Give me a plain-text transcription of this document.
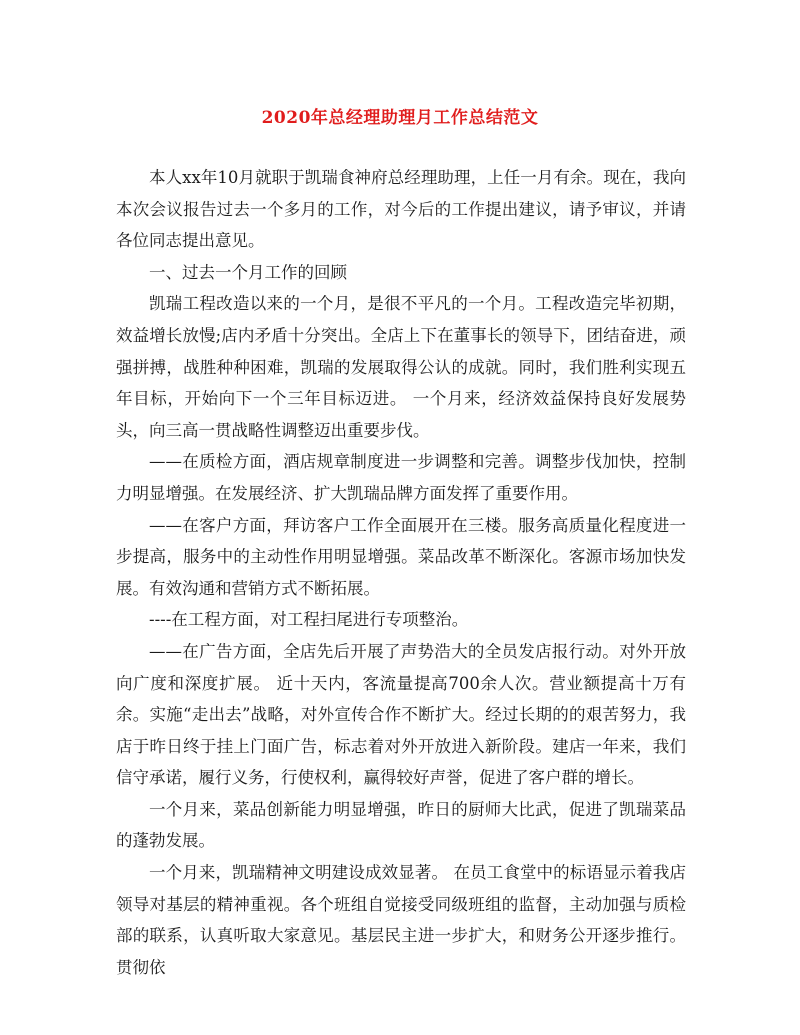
2020年总经理助理月工作总结范文

本人xx年10月就职于凯瑞食神府总经理助理，上任一月有余。现在，我向本次会议报告过去一个多月的工作，对今后的工作提出建议，请予审议，并请各位同志提出意见。

一、过去一个月工作的回顾

凯瑞工程改造以来的一个月，是很不平凡的一个月。工程改造完毕初期，效益增长放慢;店内矛盾十分突出。全店上下在董事长的领导下，团结奋进，顽强拼搏，战胜种种困难，凯瑞的发展取得公认的成就。同时，我们胜利实现五年目标，开始向下一个三年目标迈进。 一个月来，经济效益保持良好发展势头，向三高一贯战略性调整迈出重要步伐。

——在质检方面，酒店规章制度进一步调整和完善。调整步伐加快，控制力明显增强。在发展经济、扩大凯瑞品牌方面发挥了重要作用。

——在客户方面，拜访客户工作全面展开在三楼。服务高质量化程度进一步提高，服务中的主动性作用明显增强。菜品改革不断深化。客源市场加快发展。有效沟通和营销方式不断拓展。

----在工程方面，对工程扫尾进行专项整治。

——在广告方面，全店先后开展了声势浩大的全员发店报行动。对外开放向广度和深度扩展。 近十天内，客流量提高700余人次。营业额提高十万有余。实施“走出去”战略，对外宣传合作不断扩大。经过长期的的艰苦努力，我店于昨日终于挂上门面广告，标志着对外开放进入新阶段。建店一年来，我们信守承诺，履行义务，行使权利，赢得较好声誉，促进了客户群的增长。

一个月来，菜品创新能力明显增强，昨日的厨师大比武，促进了凯瑞菜品的蓬勃发展。

一个月来，凯瑞精神文明建设成效显著。 在员工食堂中的标语显示着我店领导对基层的精神重视。各个班组自觉接受同级班组的监督，主动加强与质检部的联系，认真听取大家意见。基层民主进一步扩大，和财务公开逐步推行。贯彻依
